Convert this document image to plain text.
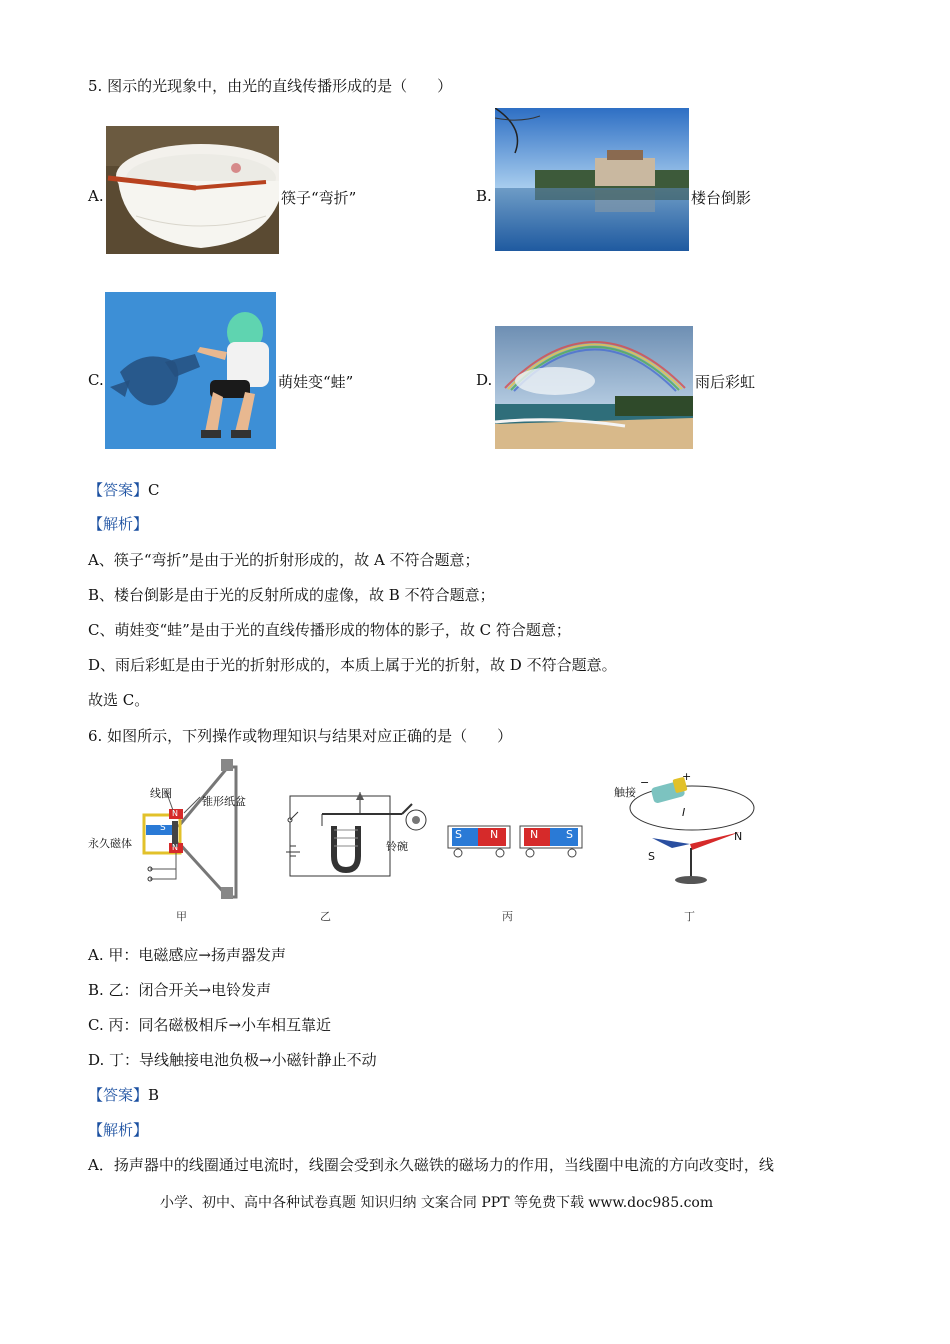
5. 图示的光现象中，由光的直线传播形成的是（　　）
A.	筷子“弯折”	B.	楼台倒影
C.	萌娃变“蛙”	D.	雨后彩虹
【答案】C
【解析】
A、筷子“弯折”是由于光的折射形成的，故 A 不符合题意；
B、楼台倒影是由于光的反射所成的虚像，故 B 不符合题意；
C、萌娃变“蛙”是由于光的直线传播形成的物体的影子，故 C 符合题意；
D、雨后彩虹是由于光的折射形成的，本质上属于光的折射，故 D 不符合题意。
故选 C。
6. 如图所示，下列操作或物理知识与结果对应正确的是（　　）
线圈
锥形纸盆
永久磁体
N
N
S
甲
铃碗
乙
S	N	N	S
丙
触接
−	+
I
N
S
丁
A. 甲：电磁感应→扬声器发声
B. 乙：闭合开关→电铃发声
C. 丙：同名磁极相斥→小车相互靠近
D. 丁：导线触接电池负极→小磁针静止不动
【答案】B
【解析】
A．扬声器中的线圈通过电流时，线圈会受到永久磁铁的磁场力的作用，当线圈中电流的方向改变时，线
小学、初中、高中各种试卷真题 知识归纳 文案合同 PPT 等免费下载 www.doc985.com
